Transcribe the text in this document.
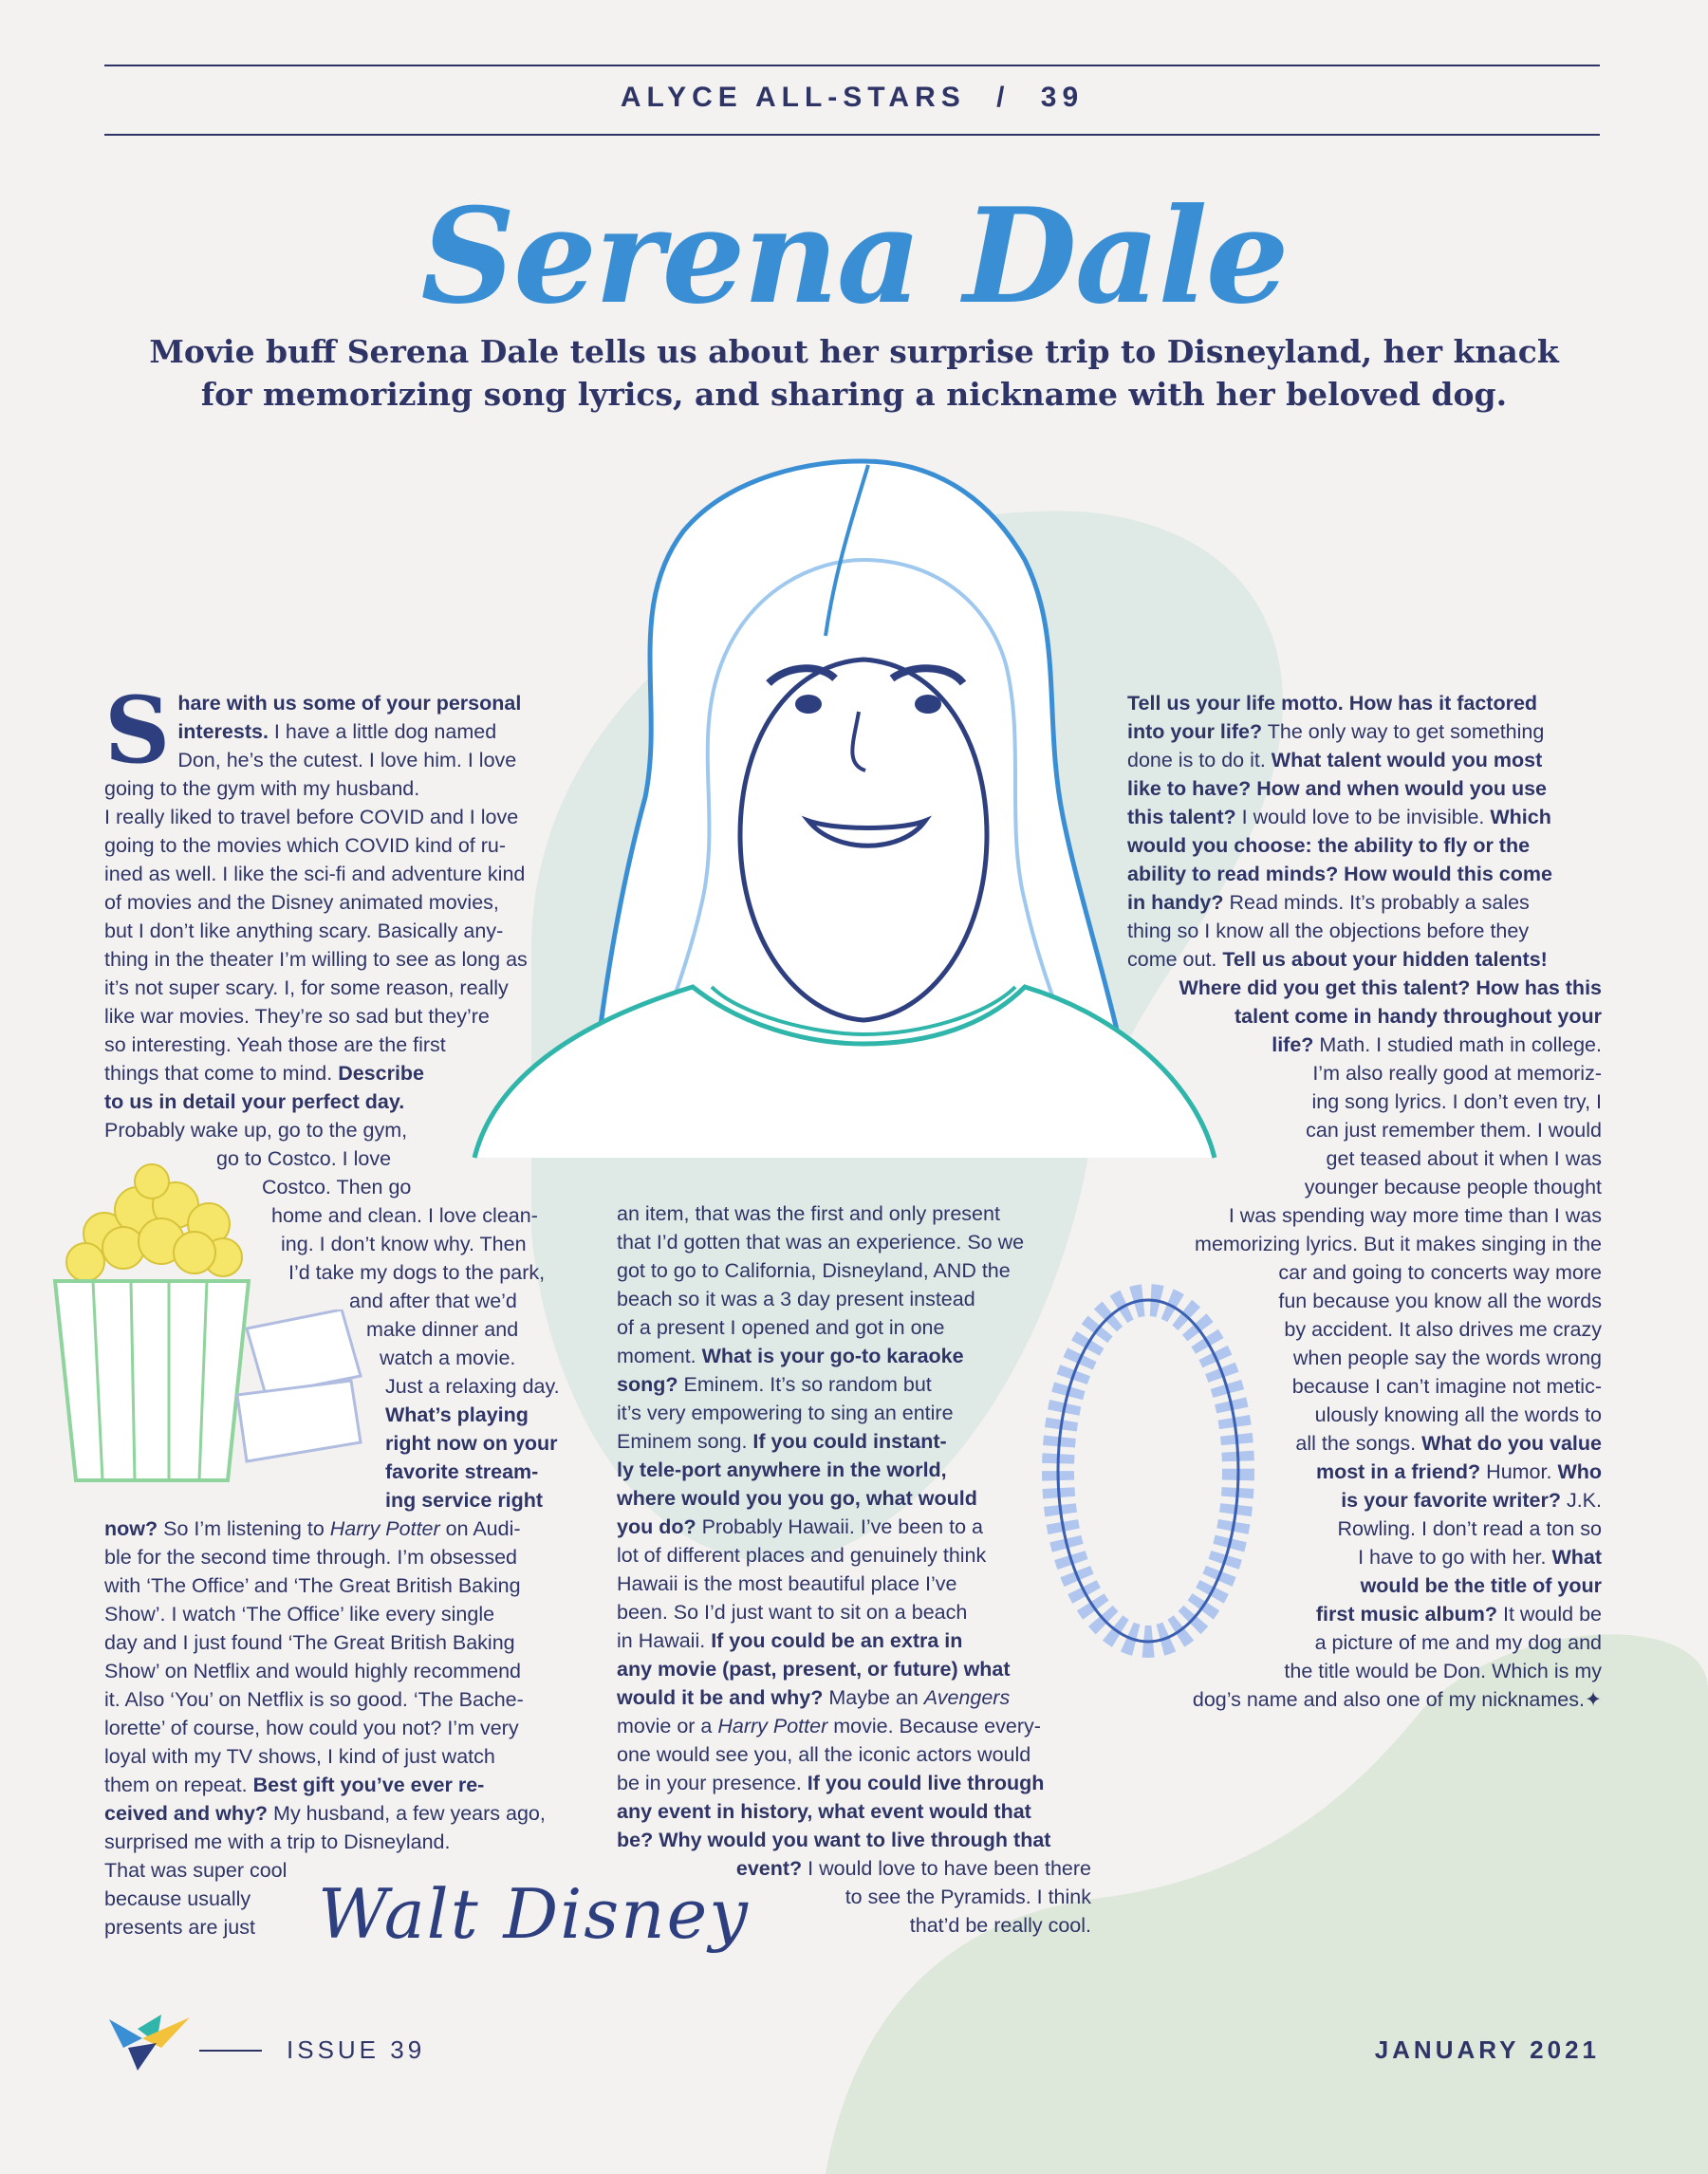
ALYCE ALL-STARS / 39
Serena Dale
Movie buff Serena Dale tells us about her surprise trip to Disneyland, her knack for memorizing song lyrics, and sharing a nickname with her beloved dog.
S hare with us some of your personal
interests. I have a little dog named
Don, he’s the cutest. I love him. I love
going to the gym with my husband.
I really liked to travel before COVID and I love
going to the movies which COVID kind of ru-
ined as well. I like the sci-fi and adventure kind
of movies and the Disney animated movies,
but I don’t like anything scary. Basically any-
thing in the theater I’m willing to see as long as
it’s not super scary. I, for some reason, really
like war movies. They’re so sad but they’re
so interesting. Yeah those are the first
things that come to mind. Describe
to us in detail your perfect day.
Probably wake up, go to the gym,
go to Costco. I love
Costco. Then go
home and clean. I love clean-
ing. I don’t know why. Then
I’d take my dogs to the park,
and after that we’d
make dinner and
watch a movie.
Just a relaxing day.
What’s playing
right now on your
favorite stream-
ing service right
now? So I’m listening to Harry Potter on Audi-
ble for the second time through. I’m obsessed
with ‘The Office’ and ‘The Great British Baking
Show’. I watch ‘The Office’ like every single
day and I just found ‘The Great British Baking
Show’ on Netflix and would highly recommend
it. Also ‘You’ on Netflix is so good. ‘The Bache-
lorette’ of course, how could you not? I’m very
loyal with my TV shows, I kind of just watch
them on repeat. Best gift you’ve ever re-
ceived and why? My husband, a few years ago,
surprised me with a trip to Disneyland.
That was super cool
because usually
presents are just
an item, that was the first and only present
that I’d gotten that was an experience. So we
got to go to California, Disneyland, AND the
beach so it was a 3 day present instead
of a present I opened and got in one
moment. What is your go-to karaoke
song? Eminem. It’s so random but
it’s very empowering to sing an entire
Eminem song. If you could instant-
ly tele-port anywhere in the world,
where would you you go, what would
you do? Probably Hawaii. I’ve been to a
lot of different places and genuinely think
Hawaii is the most beautiful place I’ve
been. So I’d just want to sit on a beach
in Hawaii. If you could be an extra in
any movie (past, present, or future) what
would it be and why? Maybe an Avengers
movie or a Harry Potter movie. Because every-
one would see you, all the iconic actors would
be in your presence. If you could live through
any event in history, what event would that
be? Why would you want to live through that
event? I would love to have been there
to see the Pyramids. I think
that’d be really cool.
Tell us your life motto. How has it factored
into your life? The only way to get something
done is to do it. What talent would you most
like to have? How and when would you use
this talent? I would love to be invisible. Which
would you choose: the ability to fly or the
ability to read minds? How would this come
in handy? Read minds. It’s probably a sales
thing so I know all the objections before they
come out. Tell us about your hidden talents!
Where did you get this talent? How has this
talent come in handy throughout your
life? Math. I studied math in college.
I’m also really good at memoriz-
ing song lyrics. I don’t even try, I
can just remember them. I would
get teased about it when I was
younger because people thought
I was spending way more time than I was
memorizing lyrics. But it makes singing in the
car and going to concerts way more
fun because you know all the words
by accident. It also drives me crazy
when people say the words wrong
because I can’t imagine not metic-
ulously knowing all the words to
all the songs. What do you value
most in a friend? Humor. Who
is your favorite writer? J.K.
Rowling. I don’t read a ton so
I have to go with her. What
would be the title of your
first music album? It would be
a picture of me and my dog and
the title would be Don. Which is my
dog’s name and also one of my nicknames.✦
Walt Disney
ISSUE 39	JANUARY 2021
